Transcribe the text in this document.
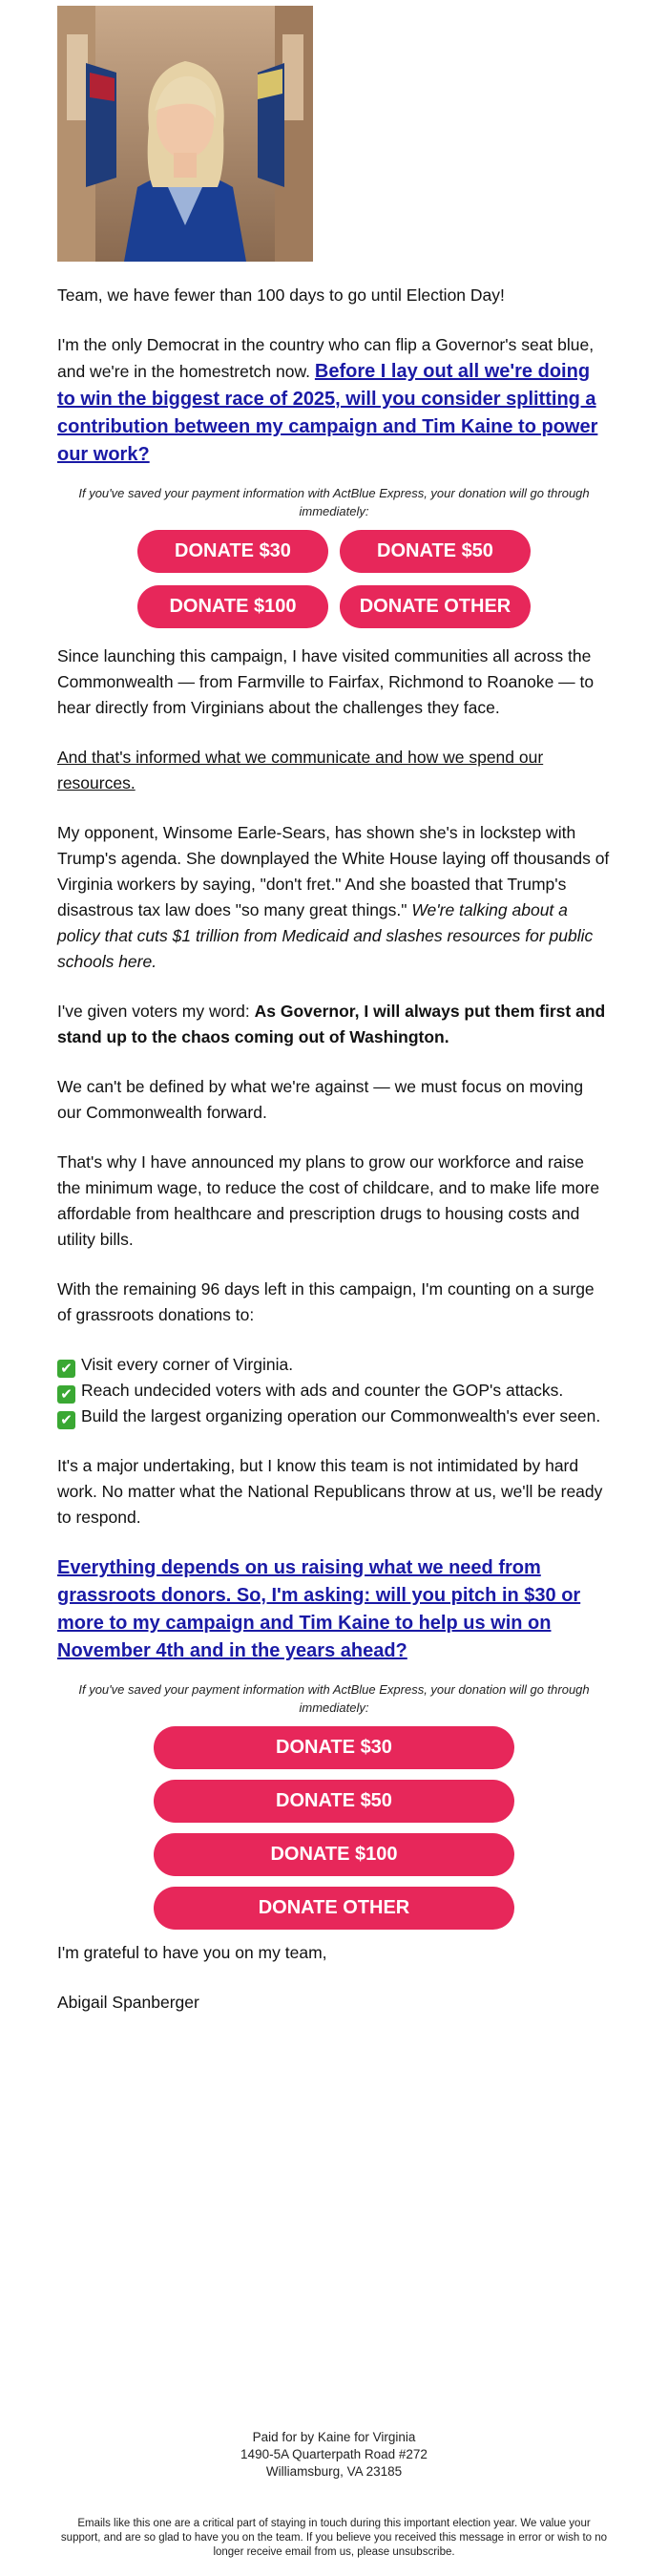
Team, we have fewer than 100 days to go until Election Day!

I'm the only Democrat in the country who can flip a Governor's seat blue, and we're in the homestretch now. Before I lay out all we're doing to win the biggest race of 2025, will you consider splitting a contribution between my campaign and Tim Kaine to power our work?

If you've saved your payment information with ActBlue Express, your donation will go through immediately:

DONATE $30	DONATE $50
DONATE $100	DONATE OTHER

Since launching this campaign, I have visited communities all across the Commonwealth — from Farmville to Fairfax, Richmond to Roanoke — to hear directly from Virginians about the challenges they face.

And that's informed what we communicate and how we spend our resources.

My opponent, Winsome Earle-Sears, has shown she's in lockstep with Trump's agenda. She downplayed the White House laying off thousands of Virginia workers by saying, "don't fret." And she boasted that Trump's disastrous tax law does "so many great things." We're talking about a policy that cuts $1 trillion from Medicaid and slashes resources for public schools here.

I've given voters my word: As Governor, I will always put them first and stand up to the chaos coming out of Washington.

We can't be defined by what we're against — we must focus on moving our Commonwealth forward.

That's why I have announced my plans to grow our workforce and raise the minimum wage, to reduce the cost of childcare, and to make life more affordable from healthcare and prescription drugs to housing costs and utility bills.

With the remaining 96 days left in this campaign, I'm counting on a surge of grassroots donations to:

✔ Visit every corner of Virginia.

✔ Reach undecided voters with ads and counter the GOP's attacks.

✔ Build the largest organizing operation our Commonwealth's ever seen.

It's a major undertaking, but I know this team is not intimidated by hard work. No matter what the National Republicans throw at us, we'll be ready to respond.

Everything depends on us raising what we need from grassroots donors. So, I'm asking: will you pitch in $30 or more to my campaign and Tim Kaine to help us win on November 4th and in the years ahead?

If you've saved your payment information with ActBlue Express, your donation will go through immediately:

DONATE $30
DONATE $50
DONATE $100
DONATE OTHER

I'm grateful to have you on my team,

Abigail Spanberger

Paid for by Kaine for Virginia
1490-5A Quarterpath Road #272
Williamsburg, VA 23185
Emails like this one are a critical part of staying in touch during this important election year. We value your support, and are so glad to have you on the team. If you believe you received this message in error or wish to no longer receive email from us, please unsubscribe.
